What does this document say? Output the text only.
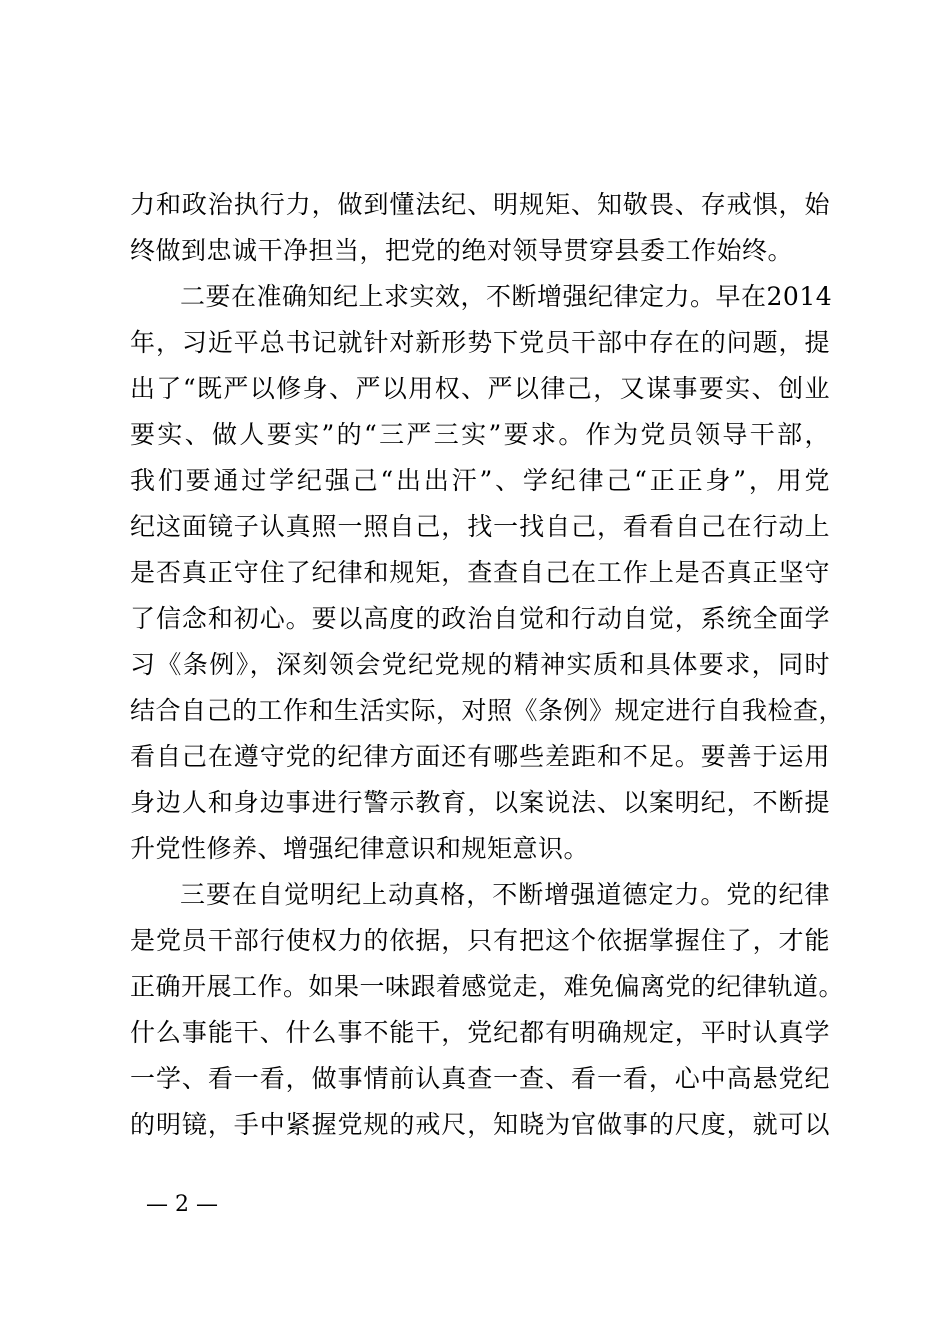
力和政治执行力，做到懂法纪、明规矩、知敬畏、存戒惧，始
终做到忠诚干净担当，把党的绝对领导贯穿县委工作始终。
二要在准确知纪上求实效，不断增强纪律定力。早在2014
年，习近平总书记就针对新形势下党员干部中存在的问题，提
出了“既严以修身、严以用权、严以律己，又谋事要实、创业
要实、做人要实”的“三严三实”要求。作为党员领导干部，
我们要通过学纪强己“出出汗”、学纪律己“正正身”，用党
纪这面镜子认真照一照自己，找一找自己，看看自己在行动上
是否真正守住了纪律和规矩，查查自己在工作上是否真正坚守
了信念和初心。要以高度的政治自觉和行动自觉，系统全面学
习《条例》，深刻领会党纪党规的精神实质和具体要求，同时
结合自己的工作和生活实际，对照《条例》规定进行自我检查，
看自己在遵守党的纪律方面还有哪些差距和不足。要善于运用
身边人和身边事进行警示教育，以案说法、以案明纪，不断提
升党性修养、增强纪律意识和规矩意识。
三要在自觉明纪上动真格，不断增强道德定力。党的纪律
是党员干部行使权力的依据，只有把这个依据掌握住了，才能
正确开展工作。如果一味跟着感觉走，难免偏离党的纪律轨道。
什么事能干、什么事不能干，党纪都有明确规定，平时认真学
一学、看一看，做事情前认真查一查、看一看，心中高悬党纪
的明镜，手中紧握党规的戒尺，知晓为官做事的尺度，就可以
— 2 —
